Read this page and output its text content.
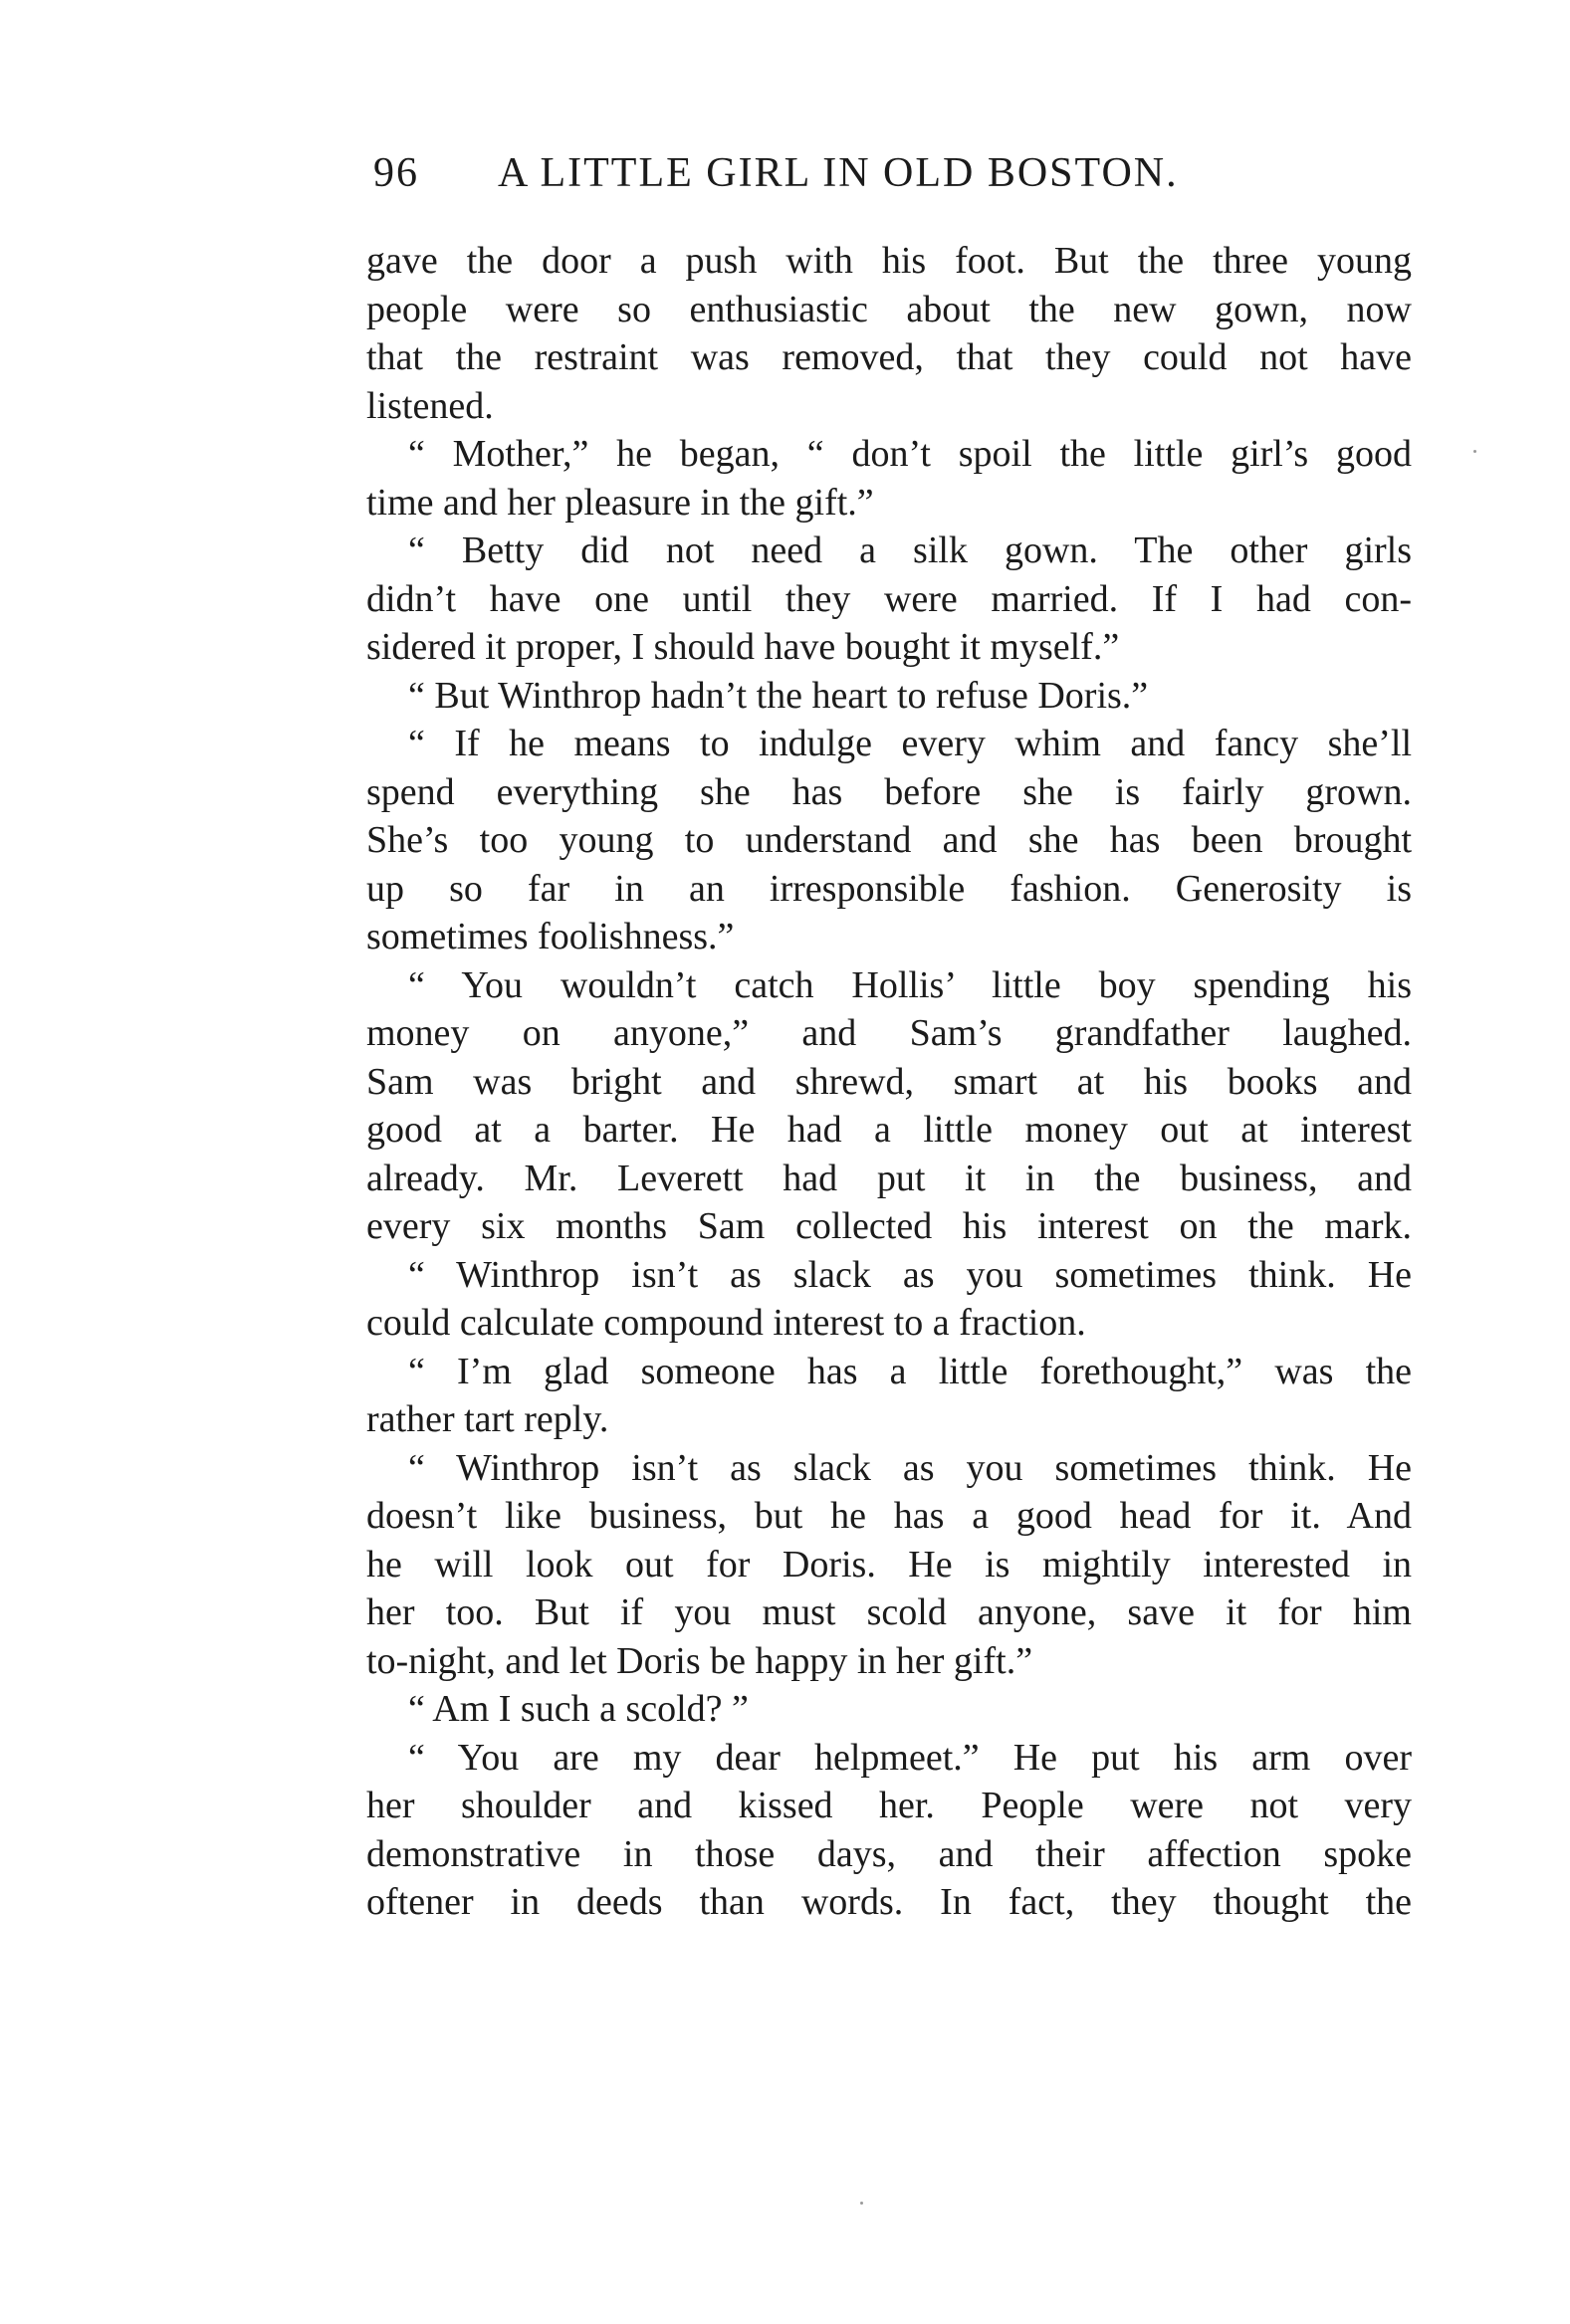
96 A LITTLE GIRL IN OLD BOSTON.
gave the door a push with his foot. But the three young
people were so enthusiastic about the new gown, now
that the restraint was removed, that they could not have
listened.
“ Mother,” he began, “ don’t spoil the little girl’s good
time and her pleasure in the gift.”
“ Betty did not need a silk gown. The other girls
didn’t have one until they were married. If I had con-
sidered it proper, I should have bought it myself.”
“ But Winthrop hadn’t the heart to refuse Doris.”
“ If he means to indulge every whim and fancy she’ll
spend everything she has before she is fairly grown.
She’s too young to understand and she has been brought
up so far in an irresponsible fashion. Generosity is
sometimes foolishness.”
“ You wouldn’t catch Hollis’ little boy spending his
money on anyone,” and Sam’s grandfather laughed.
Sam was bright and shrewd, smart at his books and
good at a barter. He had a little money out at interest
already. Mr. Leverett had put it in the business, and
every six months Sam collected his interest on the mark.
“ Winthrop isn’t as slack as you sometimes think. He
could calculate compound interest to a fraction.
“ I’m glad someone has a little forethought,” was the
rather tart reply.
“ Winthrop isn’t as slack as you sometimes think. He
doesn’t like business, but he has a good head for it. And
he will look out for Doris. He is mightily interested in
her too. But if you must scold anyone, save it for him
to-night, and let Doris be happy in her gift.”
“ Am I such a scold? ”
“ You are my dear helpmeet.” He put his arm over
her shoulder and kissed her. People were not very
demonstrative in those days, and their affection spoke
oftener in deeds than words. In fact, they thought the
